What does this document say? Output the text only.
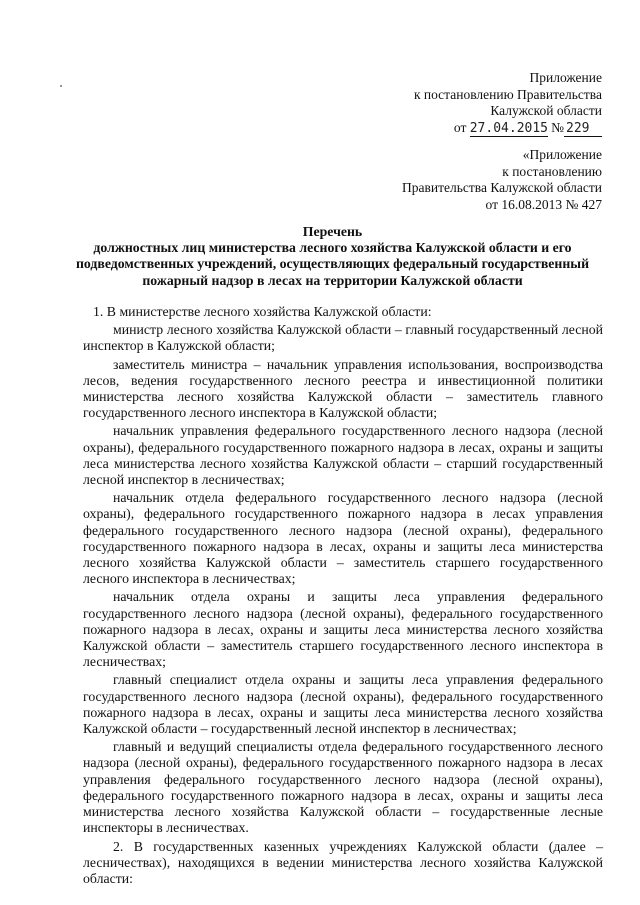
Приложение
к постановлению Правительства
Калужской области
от 27.04.2015 № 229
«Приложение
к постановлению
Правительства Калужской области
от 16.08.2013 № 427
Перечень
должностных лиц министерства лесного хозяйства Калужской области и его подведомственных учреждений, осуществляющих федеральный государственный пожарный надзор в лесах на территории Калужской области

1. В министерстве лесного хозяйства Калужской области:

министр лесного хозяйства Калужской области – главный государственный лесной инспектор в Калужской области;

заместитель министра – начальник управления использования, воспроизводства лесов, ведения государственного лесного реестра и инвестиционной политики министерства лесного хозяйства Калужской области – заместитель главного государственного лесного инспектора в Калужской области;

начальник управления федерального государственного лесного надзора (лесной охраны), федерального государственного пожарного надзора в лесах, охраны и защиты леса министерства лесного хозяйства Калужской области – старший государственный лесной инспектор в лесничествах;

начальник отдела федерального государственного лесного надзора (лесной охраны), федерального государственного пожарного надзора в лесах управления федерального государственного лесного надзора (лесной охраны), федерального государственного пожарного надзора в лесах, охраны и защиты леса министерства лесного хозяйства Калужской области – заместитель старшего государственного лесного инспектора в лесничествах;

начальник отдела охраны и защиты леса управления федерального государственного лесного надзора (лесной охраны), федерального государственного пожарного надзора в лесах, охраны и защиты леса министерства лесного хозяйства Калужской области – заместитель старшего государственного лесного инспектора в лесничествах;

главный специалист отдела охраны и защиты леса управления федерального государственного лесного надзора (лесной охраны), федерального государственного пожарного надзора в лесах, охраны и защиты леса министерства лесного хозяйства Калужской области – государственный лесной инспектор в лесничествах;

главный и ведущий специалисты отдела федерального государственного лесного надзора (лесной охраны), федерального государственного пожарного надзора в лесах управления федерального государственного лесного надзора (лесной охраны), федерального государственного пожарного надзора в лесах, охраны и защиты леса министерства лесного хозяйства Калужской области – государственные лесные инспекторы в лесничествах.

2. В государственных казенных учреждениях Калужской области (далее – лесничествах), находящихся в ведении министерства лесного хозяйства Калужской области:
